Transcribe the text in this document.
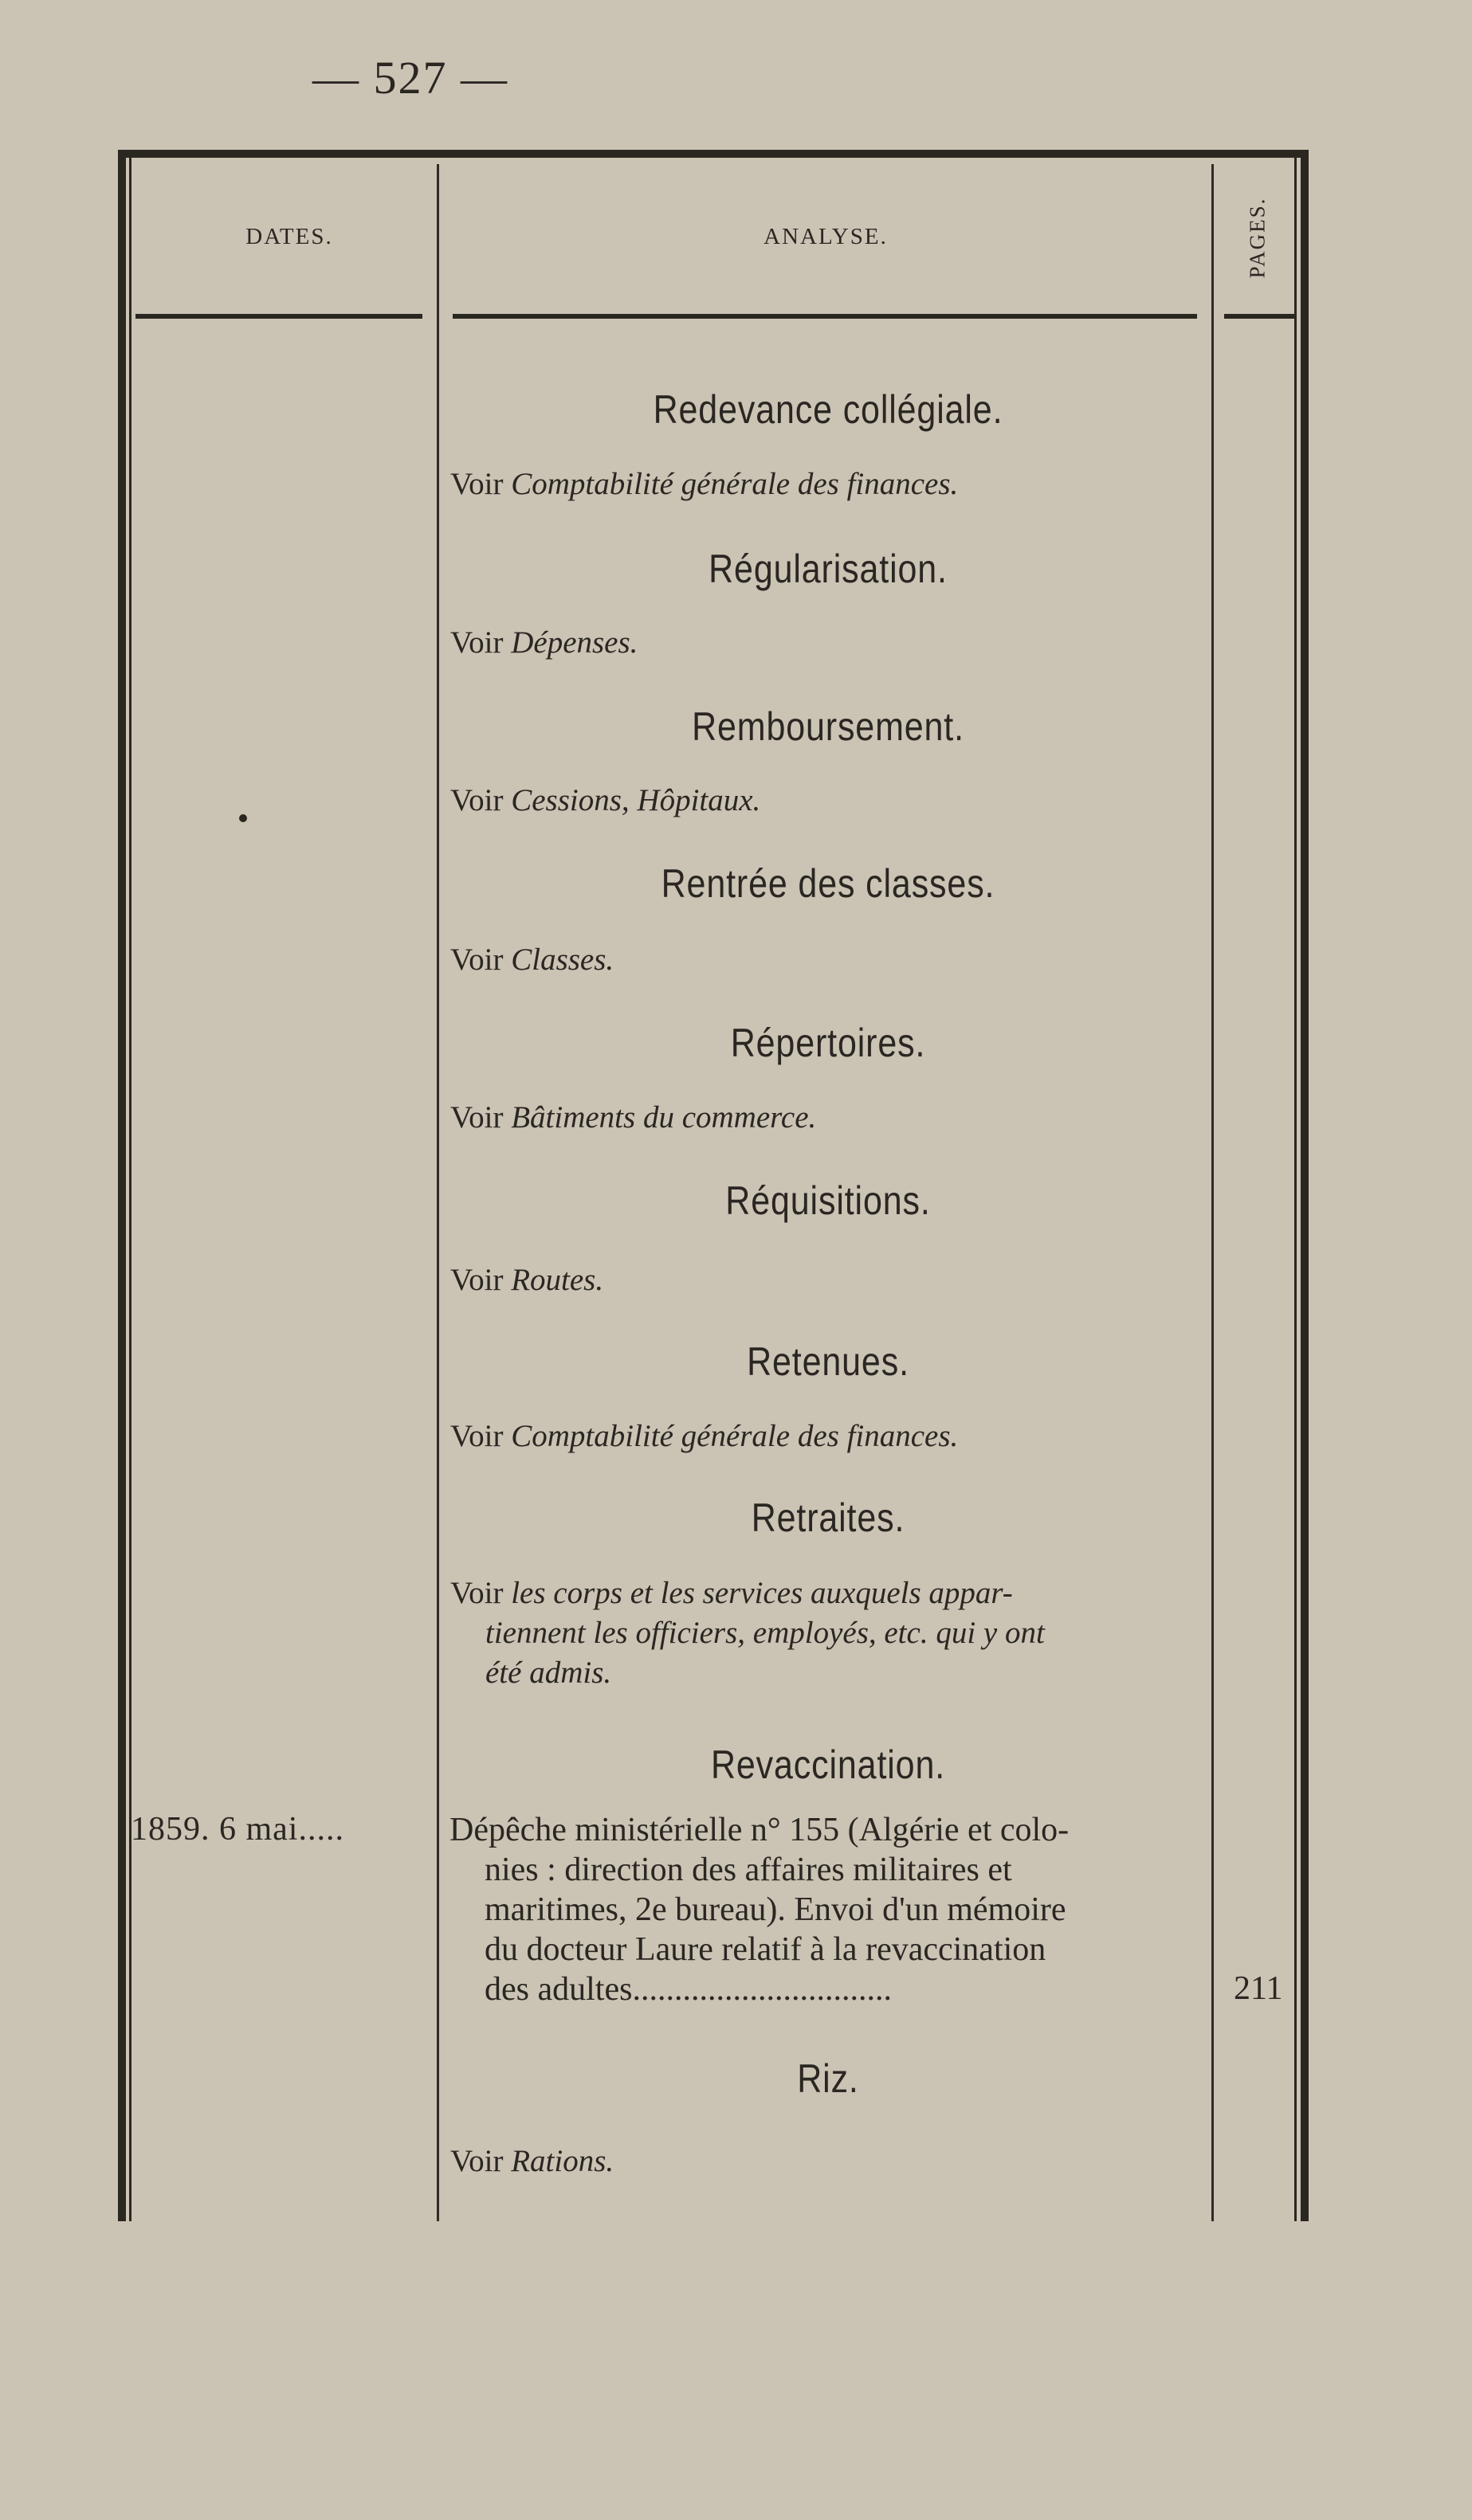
— 527 —
DATES.	ANALYSE.	PAGES.
Redevance collégiale.
Voir Comptabilité générale des finances.
Régularisation.
Voir Dépenses.
Remboursement.
Voir Cessions, Hôpitaux.
Rentrée des classes.
Voir Classes.
Répertoires.
Voir Bâtiments du commerce.
Réquisitions.
Voir Routes.
Retenues.
Voir Comptabilité générale des finances.
Retraites.
Voir les corps et les services auxquels appar-
tiennent les officiers, employés, etc. qui y ont
été admis.
Revaccination.
1859. 6 mai.....	Dépêche ministérielle n° 155 (Algérie et colo-
nies : direction des affaires militaires et
maritimes, 2e bureau). Envoi d'un mémoire
du docteur Laure relatif à la revaccination
des adultes...............................	211
Riz.
Voir Rations.
